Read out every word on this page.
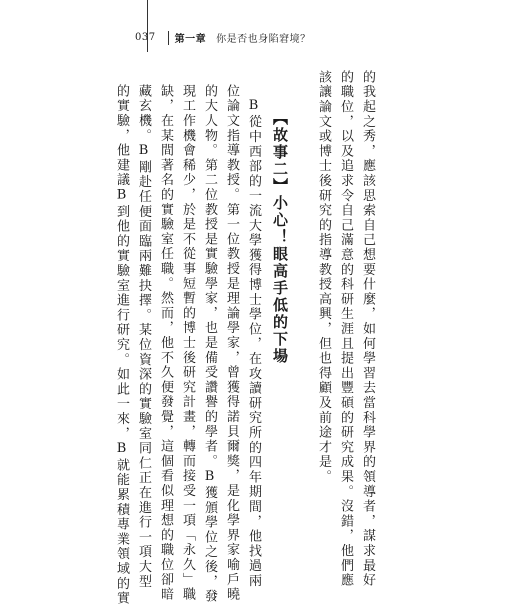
037 第一章 你是否也身陷窘境？
的我起之秀，應該思索自己想要什麼，如何學習去當科學界的領導者，謀求最好
的職位，以及追求令自己滿意的科研生涯且提出豐碩的研究成果。沒錯，他們應
該讓論文或博士後研究的指導教授高興，但也得顧及前途才是。
【故事二】小心！眼高手低的下場
B從中西部的一流大學獲得博士學位，在攻讀研究所的四年期間，他找過兩
位論文指導教授。第一位教授是理論學家，曾獲得諾貝爾獎，是化學界家喻戶曉
的大人物。第二位教授是實驗學家，也是備受讚譽的學者。B獲頒學位之後，發
現工作機會稀少，於是不從事短暫的博士後研究計畫，轉而接受一項「永久」職
缺，在某間著名的實驗室任職。然而，他不久便發覺，這個看似理想的職位卻暗
藏玄機。B剛赴任便面臨兩難抉擇。某位資深的實驗室同仁正在進行一項大型
的實驗，他建議B到他的實驗室進行研究。如此一來，B就能累積專業領域的實
